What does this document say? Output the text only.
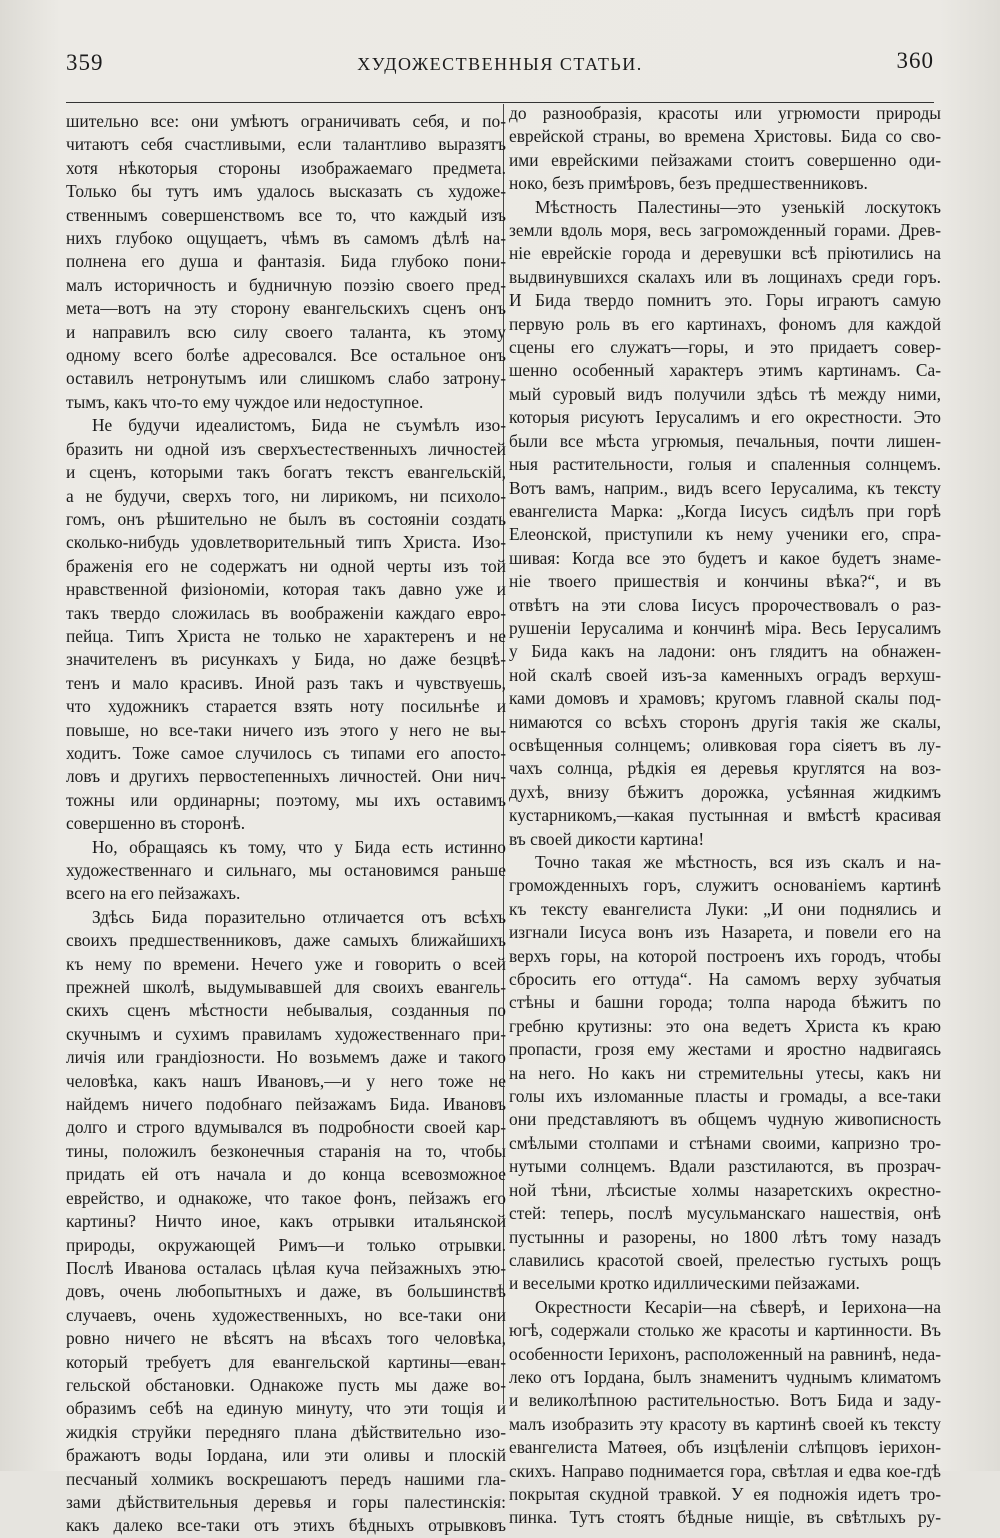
359	ХУДОЖЕСТВЕННЫЯ СТАТЬИ.	360
шительно все: они умѣютъ ограничивать себя, и по-
читаютъ себя счастливыми, если талантливо выразятъ
хотя нѣкоторыя стороны изображаемаго предмета.
Только бы тутъ имъ удалось высказать съ художе-
ственнымъ совершенствомъ все то, что каждый изъ
нихъ глубоко ощущаетъ, чѣмъ въ самомъ дѣлѣ на-
полнена его душа и фантазія. Бида глубоко пони-
малъ историчность и будничную поэзію своего пред-
мета—вотъ на эту сторону евангельскихъ сценъ онъ
и направилъ всю силу своего таланта, къ этому
одному всего болѣе адресовался. Все остальное онъ
оставилъ нетронутымъ или слишкомъ слабо затрону-
тымъ, какъ что-то ему чуждое или недоступное.
Не будучи идеалистомъ, Бида не съумѣлъ изо-
бразить ни одной изъ сверхъестественныхъ личностей
и сценъ, которыми такъ богатъ текстъ евангельскій,
а не будучи, сверхъ того, ни лирикомъ, ни психоло-
гомъ, онъ рѣшительно не былъ въ состояніи создать
сколько-нибудь удовлетворительный типъ Христа. Изо-
браженія его не содержатъ ни одной черты изъ той
нравственной физіономіи, которая такъ давно уже и
такъ твердо сложилась въ воображеніи каждаго евро-
пейца. Типъ Христа не только не характеренъ и не
значителенъ въ рисункахъ у Бида, но даже безцвѣ-
тенъ и мало красивъ. Иной разъ такъ и чувствуешь,
что художникъ старается взять ноту посильнѣе и
повыше, но все-таки ничего изъ этого у него не вы-
ходитъ. Тоже самое случилось съ типами его апосто-
ловъ и другихъ первостепенныхъ личностей. Они нич-
тожны или ординарны; поэтому, мы ихъ оставимъ
совершенно въ сторонѣ.
Но, обращаясь къ тому, что у Бида есть истинно
художественнаго и сильнаго, мы остановимся раньше
всего на его пейзажахъ.
Здѣсь Бида поразительно отличается отъ всѣхъ
своихъ предшественниковъ, даже самыхъ ближайшихъ
къ нему по времени. Нечего уже и говорить о всей
прежней школѣ, выдумывавшей для своихъ евангель-
скихъ сценъ мѣстности небывалыя, созданныя по
скучнымъ и сухимъ правиламъ художественнаго при-
личія или грандіозности. Но возьмемъ даже и такого
человѣка, какъ нашъ Ивановъ,—и у него тоже не
найдемъ ничего подобнаго пейзажамъ Бида. Ивановъ
долго и строго вдумывался въ подробности своей кар-
тины, положилъ безконечныя старанія на то, чтобы
придать ей отъ начала и до конца всевозможное
еврейство, и однакоже, что такое фонъ, пейзажъ его
картины? Ничто иное, какъ отрывки итальянской
природы, окружающей Римъ—и только отрывки.
Послѣ Иванова осталась цѣлая куча пейзажныхъ этю-
довъ, очень любопытныхъ и даже, въ большинствѣ
случаевъ, очень художественныхъ, но все-таки они
ровно ничего не вѣсятъ на вѣсахъ того человѣка,
который требуетъ для евангельской картины—еван-
гельской обстановки. Однакоже пусть мы даже во-
образимъ себѣ на единую минуту, что эти тощія и
жидкія струйки передняго плана дѣйствительно изо-
бражаютъ воды Іордана, или эти оливы и плоскій
песчаный холмикъ воскрешаютъ передъ нашими гла-
зами дѣйствительныя деревья и горы палестинскія:
какъ далеко все-таки отъ этихъ бѣдныхъ отрывковъ
до разнообразія, красоты или угрюмости природы
еврейской страны, во времена Христовы. Бида со сво-
ими еврейскими пейзажами стоитъ совершенно оди-
ноко, безъ примѣровъ, безъ предшественниковъ.
Мѣстность Палестины—это узенькій лоскутокъ
земли вдоль моря, весь загроможденный горами. Древ-
ніе еврейскіе города и деревушки всѣ пріютились на
выдвинувшихся скалахъ или въ лощинахъ среди горъ.
И Бида твердо помнитъ это. Горы играютъ самую
первую роль въ его картинахъ, фономъ для каждой
сцены его служатъ—горы, и это придаетъ совер-
шенно особенный характеръ этимъ картинамъ. Са-
мый суровый видъ получили здѣсь тѣ между ними,
которыя рисуютъ Іерусалимъ и его окрестности. Это
были все мѣста угрюмыя, печальныя, почти лишен-
ныя растительности, голыя и спаленныя солнцемъ.
Вотъ вамъ, наприм., видъ всего Іерусалима, къ тексту
евангелиста Марка: „Когда Іисусъ сидѣлъ при горѣ
Елеонской, приступили къ нему ученики его, спра-
шивая: Когда все это будетъ и какое будетъ знаме-
ніе твоего пришествія и кончины вѣка?“, и въ
отвѣтъ на эти слова Іисусъ пророчествовалъ о раз-
рушеніи Іерусалима и кончинѣ міра. Весь Іерусалимъ
у Бида какъ на ладони: онъ глядитъ на обнажен-
ной скалѣ своей изъ-за каменныхъ оградъ верхуш-
ками домовъ и храмовъ; кругомъ главной скалы под-
нимаются со всѣхъ сторонъ другія такія же скалы,
освѣщенныя солнцемъ; оливковая гора сіяетъ въ лу-
чахъ солнца, рѣдкія ея деревья круглятся на воз-
духѣ, внизу бѣжитъ дорожка, усѣянная жидкимъ
кустарникомъ,—какая пустынная и вмѣстѣ красивая
въ своей дикости картина!
Точно такая же мѣстность, вся изъ скалъ и на-
громожденныхъ горъ, служитъ основаніемъ картинѣ
къ тексту евангелиста Луки: „И они поднялись и
изгнали Іисуса вонъ изъ Назарета, и повели его на
верхъ горы, на которой построенъ ихъ городъ, чтобы
сбросить его оттуда“. На самомъ верху зубчатыя
стѣны и башни города; толпа народа бѣжитъ по
гребню крутизны: это она ведетъ Христа къ краю
пропасти, грозя ему жестами и яростно надвигаясь
на него. Но какъ ни стремительны утесы, какъ ни
голы ихъ изломанные пласты и громады, а все-таки
они представляютъ въ общемъ чудную живописность
смѣлыми столпами и стѣнами своими, капризно тро-
нутыми солнцемъ. Вдали разстилаются, въ прозрач-
ной тѣни, лѣсистые холмы назаретскихъ окрестно-
стей: теперь, послѣ мусульманскаго нашествія, онѣ
пустынны и разорены, но 1800 лѣтъ тому назадъ
славились красотой своей, прелестью густыхъ рощъ
и веселыми кротко идиллическими пейзажами.
Окрестности Кесаріи—на сѣверѣ, и Іерихона—на
югѣ, содержали столько же красоты и картинности. Въ
особенности Іерихонъ, расположенный на равнинѣ, неда-
леко отъ Іордана, былъ знаменитъ чуднымъ климатомъ
и великолѣпною растительностью. Вотъ Бида и заду-
малъ изобразить эту красоту въ картинѣ своей къ тексту
евангелиста Матѳея, объ изцѣленіи слѣпцовъ іерихон-
скихъ. Направо поднимается гора, свѣтлая и едва кое-гдѣ
покрытая скудной травкой. У ея подножія идетъ тро-
пинка. Тутъ стоятъ бѣдные нищіе, въ свѣтлыхъ ру-
